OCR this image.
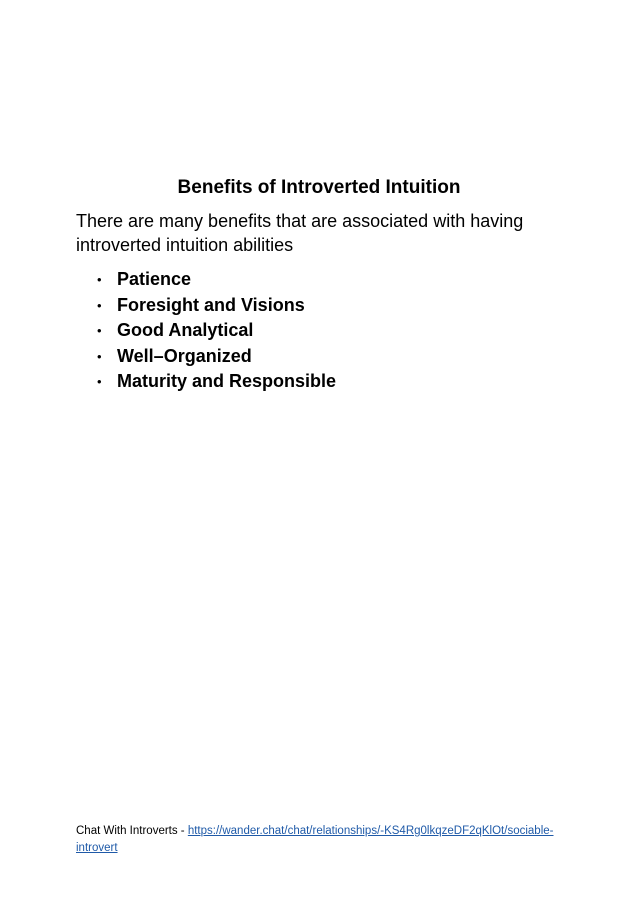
Benefits of Introverted Intuition

There are many benefits that are associated with having introverted intuition abilities

• Patience
• Foresight and Visions
• Good Analytical
• Well–Organized
• Maturity and Responsible
Chat With Introverts - https://wander.chat/chat/relationships/-KS4Rg0lkqzeDF2qKlOt/sociable-introvert
